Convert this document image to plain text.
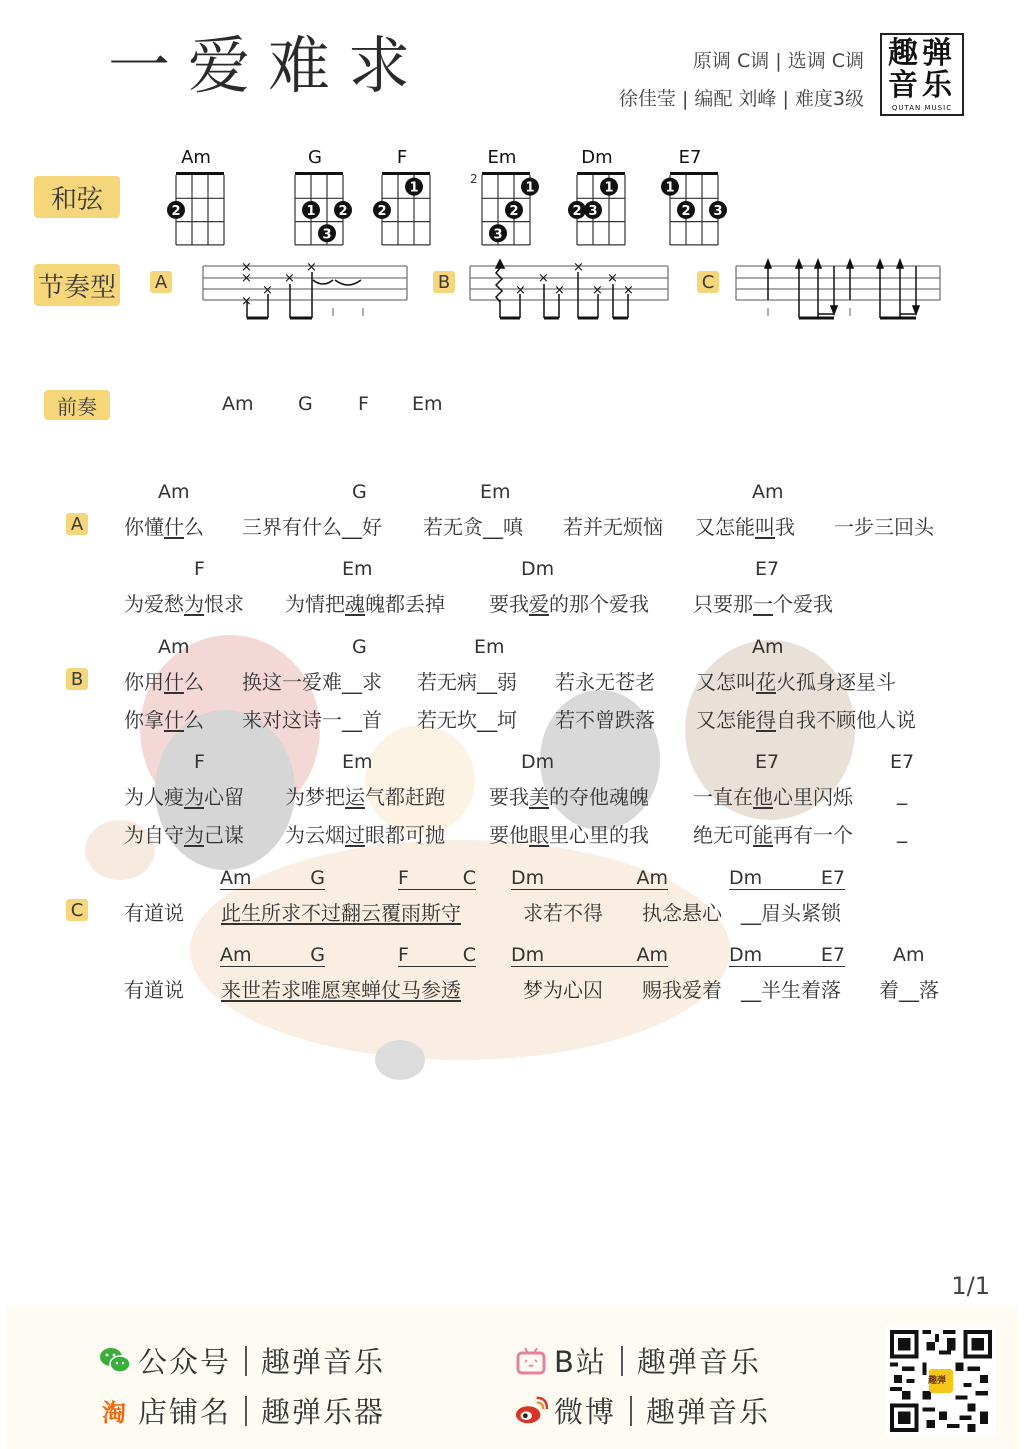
一爱难求	原调 C调 | 选调 C调
徐佳莹 | 编配 刘峰 | 难度3级
趣弹
音乐
QUTAN MUSIC
和弦
Am
2
G
1 2
3
F
1
2
Em
1
2
3
2
Dm
1
2 3
E7
1
2 3
节奏型 A
×
×
×
×
×
×
B	×
×
×
×
×
×
×	C
前奏	Am G F Em
A
Am	G	Em	Am
你懂什么 三界有什么__好 若无贪__嗔 若并无烦恼 又怎能叫我 一步三回头
F	Em	Dm	E7
为爱愁为恨求 为情把魂魄都丢掉 要我爱的那个爱我 只要那一个爱我
B
Am	G	Em	Am
你用什么 换这一爱难__求 若无病__弱 若永无苍老 又怎叫花火孤身逐星斗
你拿什么 来对这诗一__首 若无坎__坷 若不曾跌落 又怎能得自我不顾他人说
F	Em	Dm	E7	E7
为人瘦为心留 为梦把运气都赶跑 要我美的夺他魂魄 一直在他心里闪烁 _
为自守为己谋 为云烟过眼都可抛 要他眼里心里的我 绝无可能再有一个 _
C
Am	G	F	C Dm	Am	Dm	E7
有道说 此生所求不过翻云覆雨斯守	求若不得 执念悬心 __眉头紧锁
Am	G	F	C Dm	Am	Dm	E7	Am
有道说 来世若求唯愿寒蝉仗马参透	梦为心囚 赐我爱着 __半生着落 着__落
1/1
公众号 趣弹音乐
淘 店铺名 趣弹乐器
B站 趣弹音乐
微博 趣弹音乐
趣弹
